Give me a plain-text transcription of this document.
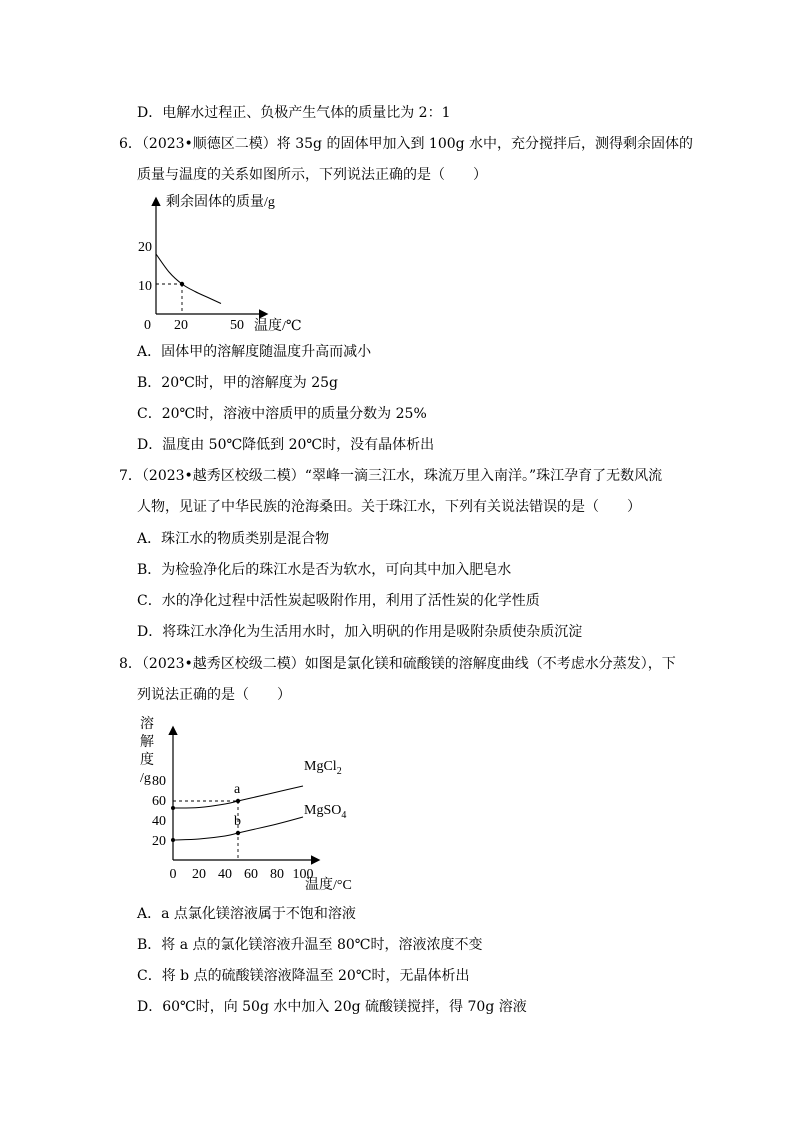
D．电解水过程正、负极产生气体的质量比为 2：1
6．（2023•顺德区二模）将 35g 的固体甲加入到 100g 水中，充分搅拌后，测得剩余固体的
质量与温度的关系如图所示，下列说法正确的是（　　）
剩余固体的质量/g
温度/℃
0 20	50
20
10
A．固体甲的溶解度随温度升高而减小
B．20℃时，甲的溶解度为 25g
C．20℃时，溶液中溶质甲的质量分数为 25%
D．温度由 50℃降低到 20℃时，没有晶体析出
7．（2023•越秀区校级二模）“翠峰一滴三江水，珠流万里入南洋。”珠江孕育了无数风流
人物，见证了中华民族的沧海桑田。关于珠江水，下列有关说法错误的是（　　）
A．珠江水的物质类别是混合物
B．为检验净化后的珠江水是否为软水，可向其中加入肥皂水
C．水的净化过程中活性炭起吸附作用，利用了活性炭的化学性质
D．将珠江水净化为生活用水时，加入明矾的作用是吸附杂质使杂质沉淀
8．（2023•越秀区校级二模）如图是氯化镁和硫酸镁的溶解度曲线（不考虑水分蒸发），下
列说法正确的是（　　）
溶
解
度
/g
温度/°C
0 20 40 60 80 100
80
60
40
20
MgCl$_2$
MgSO$_4$
a
b
A．a 点氯化镁溶液属于不饱和溶液
B．将 a 点的氯化镁溶液升温至 80℃时，溶液浓度不变
C．将 b 点的硫酸镁溶液降温至 20℃时，无晶体析出
D．60℃时，向 50g 水中加入 20g 硫酸镁搅拌，得 70g 溶液
